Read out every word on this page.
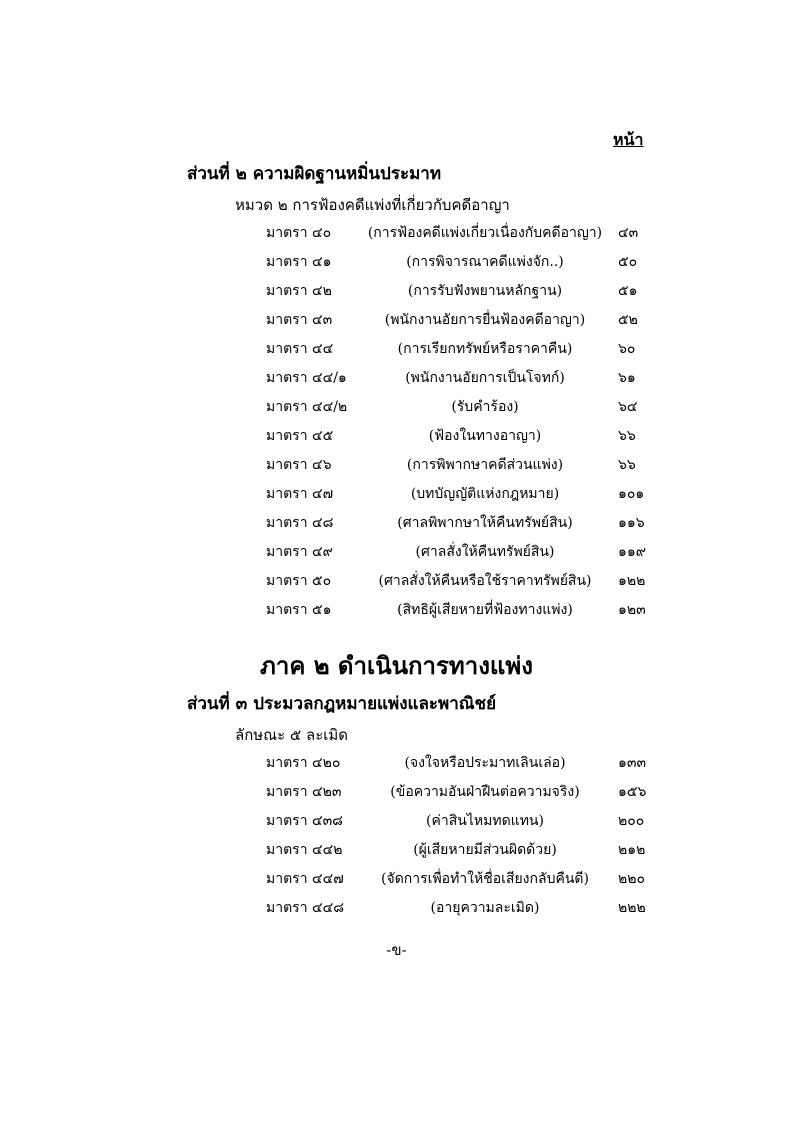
หน้า
ส่วนที่ ๒ ความผิดฐานหมิ่นประมาท
หมวด ๒ การฟ้องคดีแพ่งที่เกี่ยวกับคดีอาญา
มาตรา ๔๐	(การฟ้องคดีแพ่งเกี่ยวเนื่องกับคดีอาญา)	๔๓
มาตรา ๔๑	(การพิจารณาคดีแพ่งจัก..)	๕๐
มาตรา ๔๒	(การรับฟังพยานหลักฐาน)	๕๑
มาตรา ๔๓	(พนักงานอัยการยื่นฟ้องคดีอาญา)	๕๒
มาตรา ๔๔	(การเรียกทรัพย์หรือราคาคืน)	๖๐
มาตรา ๔๔/๑	(พนักงานอัยการเป็นโจทก์)	๖๑
มาตรา ๔๔/๒	(รับคำร้อง)	๖๔
มาตรา ๔๕	(ฟ้องในทางอาญา)	๖๖
มาตรา ๔๖	(การพิพากษาคดีส่วนแพ่ง)	๖๖
มาตรา ๔๗	(บทบัญญัติแห่งกฎหมาย)	๑๐๑
มาตรา ๔๘	(ศาลพิพากษาให้คืนทรัพย์สิน)	๑๑๖
มาตรา ๔๙	(ศาลสั่งให้คืนทรัพย์สิน)	๑๑๙
มาตรา ๕๐	(ศาลสั่งให้คืนหรือใช้ราคาทรัพย์สิน)	๑๒๒
มาตรา ๕๑	(สิทธิผู้เสียหายที่ฟ้องทางแพ่ง)	๑๒๓
ภาค ๒ ดำเนินการทางแพ่ง
ส่วนที่ ๓ ประมวลกฎหมายแพ่งและพาณิชย์
ลักษณะ ๕ ละเมิด
มาตรา ๔๒๐	(จงใจหรือประมาทเลินเล่อ)	๑๓๓
มาตรา ๔๒๓	(ข้อความอันฝ่าฝืนต่อความจริง)	๑๕๖
มาตรา ๔๓๘	(ค่าสินไหมทดแทน)	๒๐๐
มาตรา ๔๔๒	(ผู้เสียหายมีส่วนผิดด้วย)	๒๑๒
มาตรา ๔๔๗	(จัดการเพื่อทำให้ชื่อเสียงกลับคืนดี)	๒๒๐
มาตรา ๔๔๘	(อายุความละเมิด)	๒๒๒
-ข-
